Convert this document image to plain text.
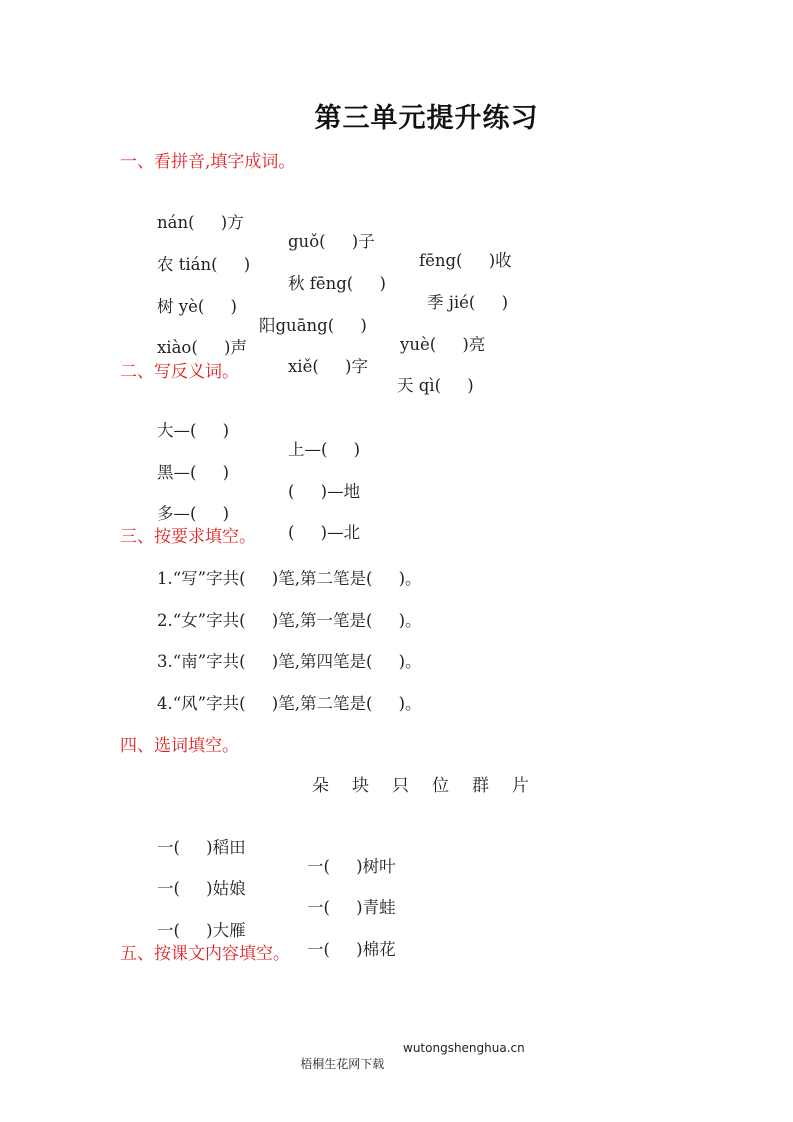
第三单元提升练习
一、看拼音,填字成词。

nán(     )方

guǒ(     )子

fēng(     )收

农 tián(     )

秋 fēng(     )

季 jié(     )

树 yè(     )

阳guāng(     )

yuè(     )亮

xiào(     )声

xiě(     )字

天 qì(     )

二、写反义词。

大—(     )

上—(     )

黑—(     )

(     )—地

多—(     )

(     )—北

三、按要求填空。
1.“写”字共(     )笔,第二笔是(     )。
2.“女”字共(     )笔,第一笔是(     )。
3.“南”字共(     )笔,第四笔是(     )。
4.“风”字共(     )笔,第二笔是(     )。
四、选词填空。
朵 块 只 位 群 片

一(     )稻田

一(     )树叶

一(     )姑娘

一(     )青蛙

一(     )大雁

一(     )棉花

五、按课文内容填空。

梧桐生花网下载

wutongshenghua.cn
